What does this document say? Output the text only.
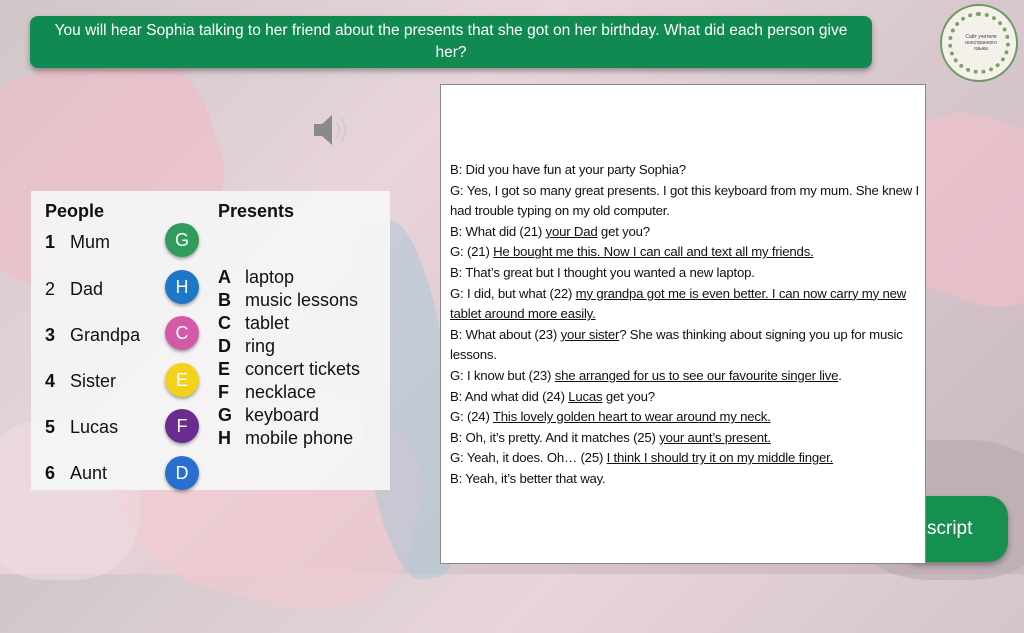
You will hear Sophia talking to her friend about the presents that she got on her birthday. What did each person give her?
Сайт учителя иностранного языка
People	Presents
1 Mum
2 Dad
3 Grandpa
4 Sister
5 Lucas
6 Aunt
G
H
C
E
F
D
A laptop
B music lessons
C tablet
D ring
E concert tickets
F necklace
G keyboard
H mobile phone
script

B: Did you have fun at your party Sophia?

G: Yes, I got so many great presents. I got this keyboard from my mum. She knew I had trouble typing on my old computer.

B: What did (21) your Dad get you?

G: (21) He bought me this. Now I can call and text all my friends.

B: That’s great but I thought you wanted a new laptop.

G: I did, but what (22) my grandpa got me is even better. I can now carry my new tablet around more easily.

B: What about (23) your sister? She was thinking about signing you up for music lessons.

G: I know but (23) she arranged for us to see our favourite singer live.

B: And what did (24) Lucas get you?

G: (24) This lovely golden heart to wear around my neck.

B: Oh, it’s pretty. And it matches (25) your aunt’s present.

G: Yeah, it does. Oh… (25) I think I should try it on my middle finger.

B: Yeah, it’s better that way.
